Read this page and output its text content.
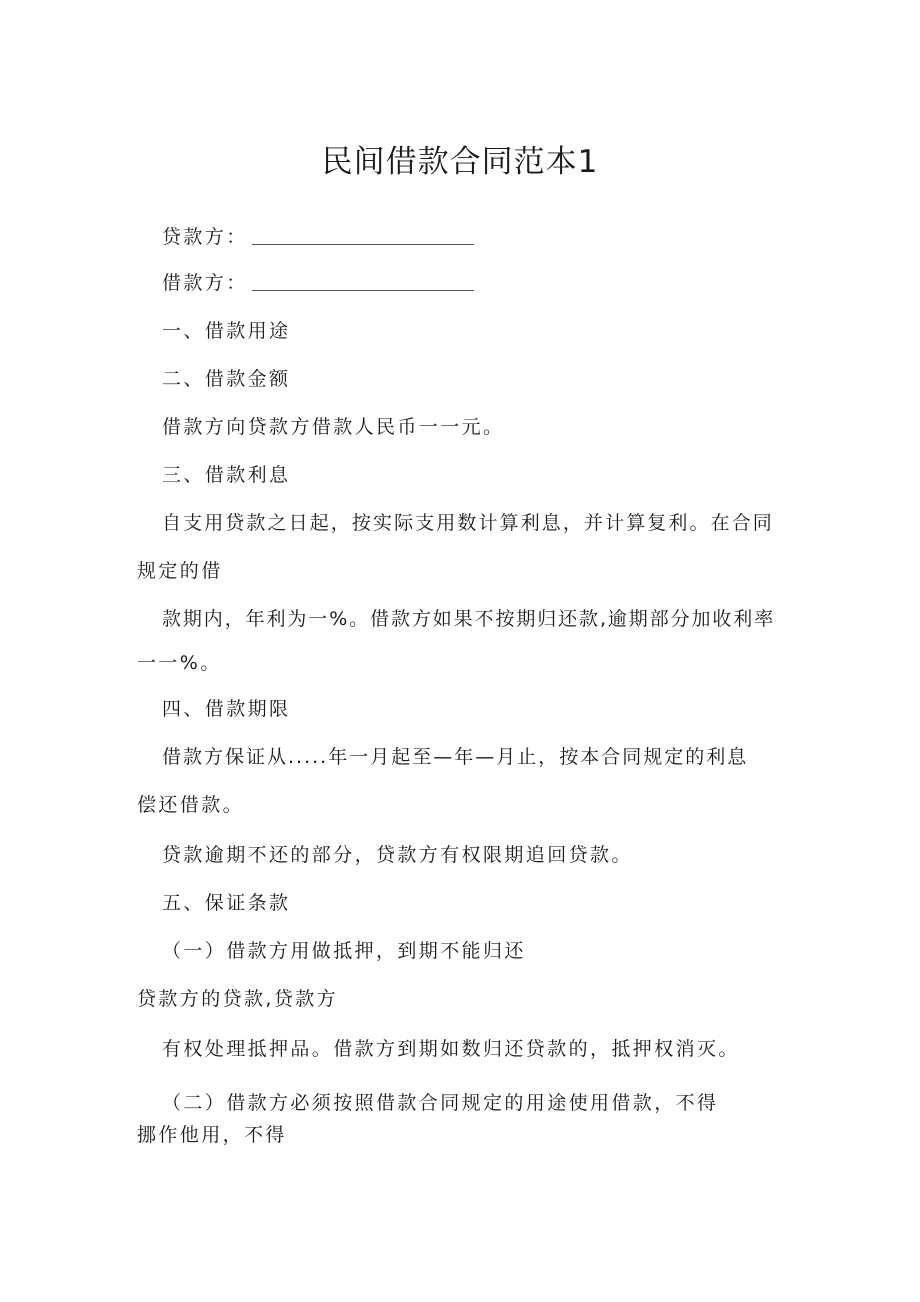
民间借款合同范本1

贷款方：

借款方：

一、借款用途

二、借款金额

借款方向贷款方借款人民币一一元。

三、借款利息

自支用贷款之日起，按实际支用数计算利息，并计算复利。在合同

规定的借

款期内，年利为一%。借款方如果不按期归还款,逾期部分加收利率

一一%。

四、借款期限

借款方保证从.....年一月起至—年—月止，按本合同规定的利息

偿还借款。

贷款逾期不还的部分，贷款方有权限期追回贷款。

五、保证条款

（一）借款方用做抵押，到期不能归还

贷款方的贷款,贷款方

有权处理抵押品。借款方到期如数归还贷款的，抵押权消灭。

（二）借款方必须按照借款合同规定的用途使用借款，不得

挪作他用，不得
